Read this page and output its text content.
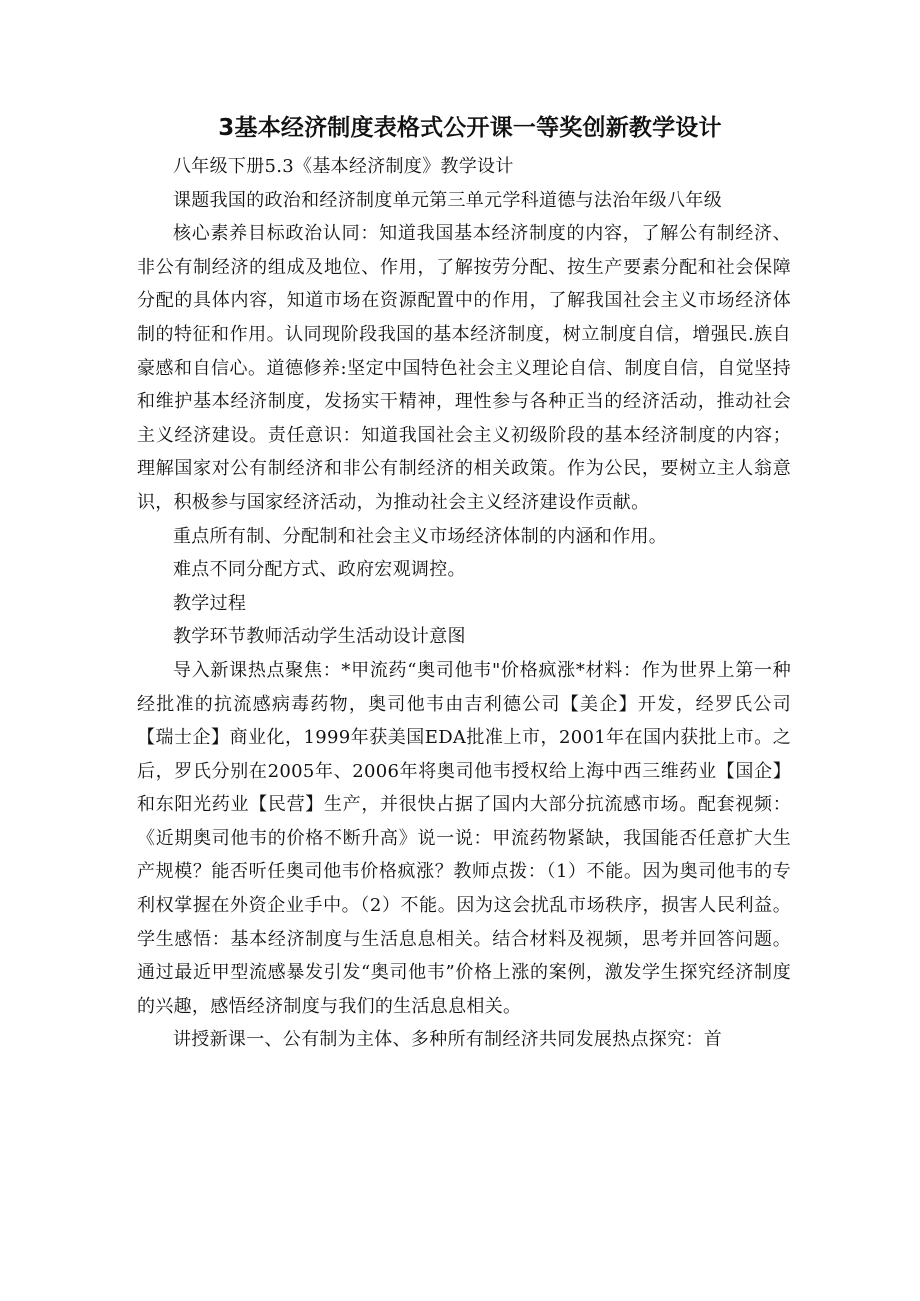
3基本经济制度表格式公开课一等奖创新教学设计

八年级下册5.3《基本经济制度》教学设计

课题我国的政治和经济制度单元第三单元学科道德与法治年级八年级

核心素养目标政治认同：知道我国基本经济制度的内容，了解公有制经济、非公有制经济的组成及地位、作用，了解按劳分配、按生产要素分配和社会保障分配的具体内容，知道市场在资源配置中的作用，了解我国社会主义市场经济体制的特征和作用。认同现阶段我国的基本经济制度，树立制度自信，增强民.族自豪感和自信心。道德修养:坚定中国特色社会主义理论自信、制度自信，自觉坚持和维护基本经济制度，发扬实干精神，理性参与各种正当的经济活动，推动社会主义经济建设。责任意识：知道我国社会主义初级阶段的基本经济制度的内容；理解国家对公有制经济和非公有制经济的相关政策。作为公民，要树立主人翁意识，积极参与国家经济活动，为推动社会主义经济建设作贡献。

重点所有制、分配制和社会主义市场经济体制的内涵和作用。

难点不同分配方式、政府宏观调控。

教学过程

教学环节教师活动学生活动设计意图

导入新课热点聚焦：*甲流药“奥司他韦"价格疯涨*材料：作为世界上第一种经批准的抗流感病毒药物，奥司他韦由吉利德公司【美企】开发，经罗氏公司【瑞士企】商业化，1999年获美国EDA批准上市，2001年在国内获批上市。之后，罗氏分别在2005年、2006年将奥司他韦授权给上海中西三维药业【国企】和东阳光药业【民营】生产，并很快占据了国内大部分抗流感市场。配套视频：《近期奥司他韦的价格不断升高》说一说：甲流药物紧缺，我国能否任意扩大生产规模？能否听任奥司他韦价格疯涨？教师点拨：（1）不能。因为奥司他韦的专利权掌握在外资企业手中。（2）不能。因为这会扰乱市场秩序，损害人民利益。学生感悟：基本经济制度与生活息息相关。结合材料及视频，思考并回答问题。通过最近甲型流感暴发引发“奥司他韦”价格上涨的案例，激发学生探究经济制度的兴趣，感悟经济制度与我们的生活息息相关。

讲授新课一、公有制为主体、多种所有制经济共同发展热点探究：首
